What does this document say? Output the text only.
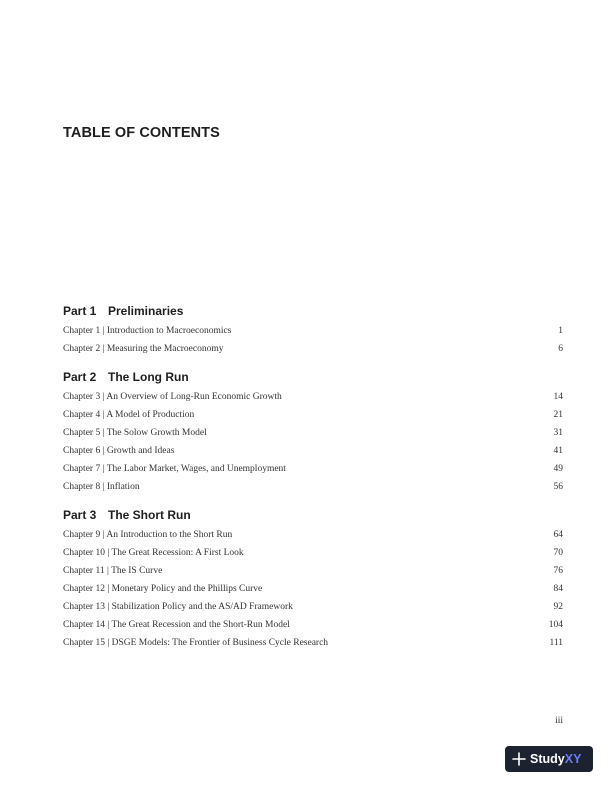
TABLE OF CONTENTS
Part 1 Preliminaries
Chapter 1 | Introduction to Macroeconomics	1
Chapter 2 | Measuring the Macroeconomy	6
Part 2 The Long Run
Chapter 3 | An Overview of Long-Run Economic Growth	14
Chapter 4 | A Model of Production	21
Chapter 5 | The Solow Growth Model	31
Chapter 6 | Growth and Ideas	41
Chapter 7 | The Labor Market, Wages, and Unemployment	49
Chapter 8 | Inflation	56
Part 3 The Short Run
Chapter 9 | An Introduction to the Short Run	64
Chapter 10 | The Great Recession: A First Look	70
Chapter 11 | The IS Curve	76
Chapter 12 | Monetary Policy and the Phillips Curve	84
Chapter 13 | Stabilization Policy and the AS/AD Framework	92
Chapter 14 | The Great Recession and the Short-Run Model	104
Chapter 15 | DSGE Models: The Frontier of Business Cycle Research	111
iii
Study XY
